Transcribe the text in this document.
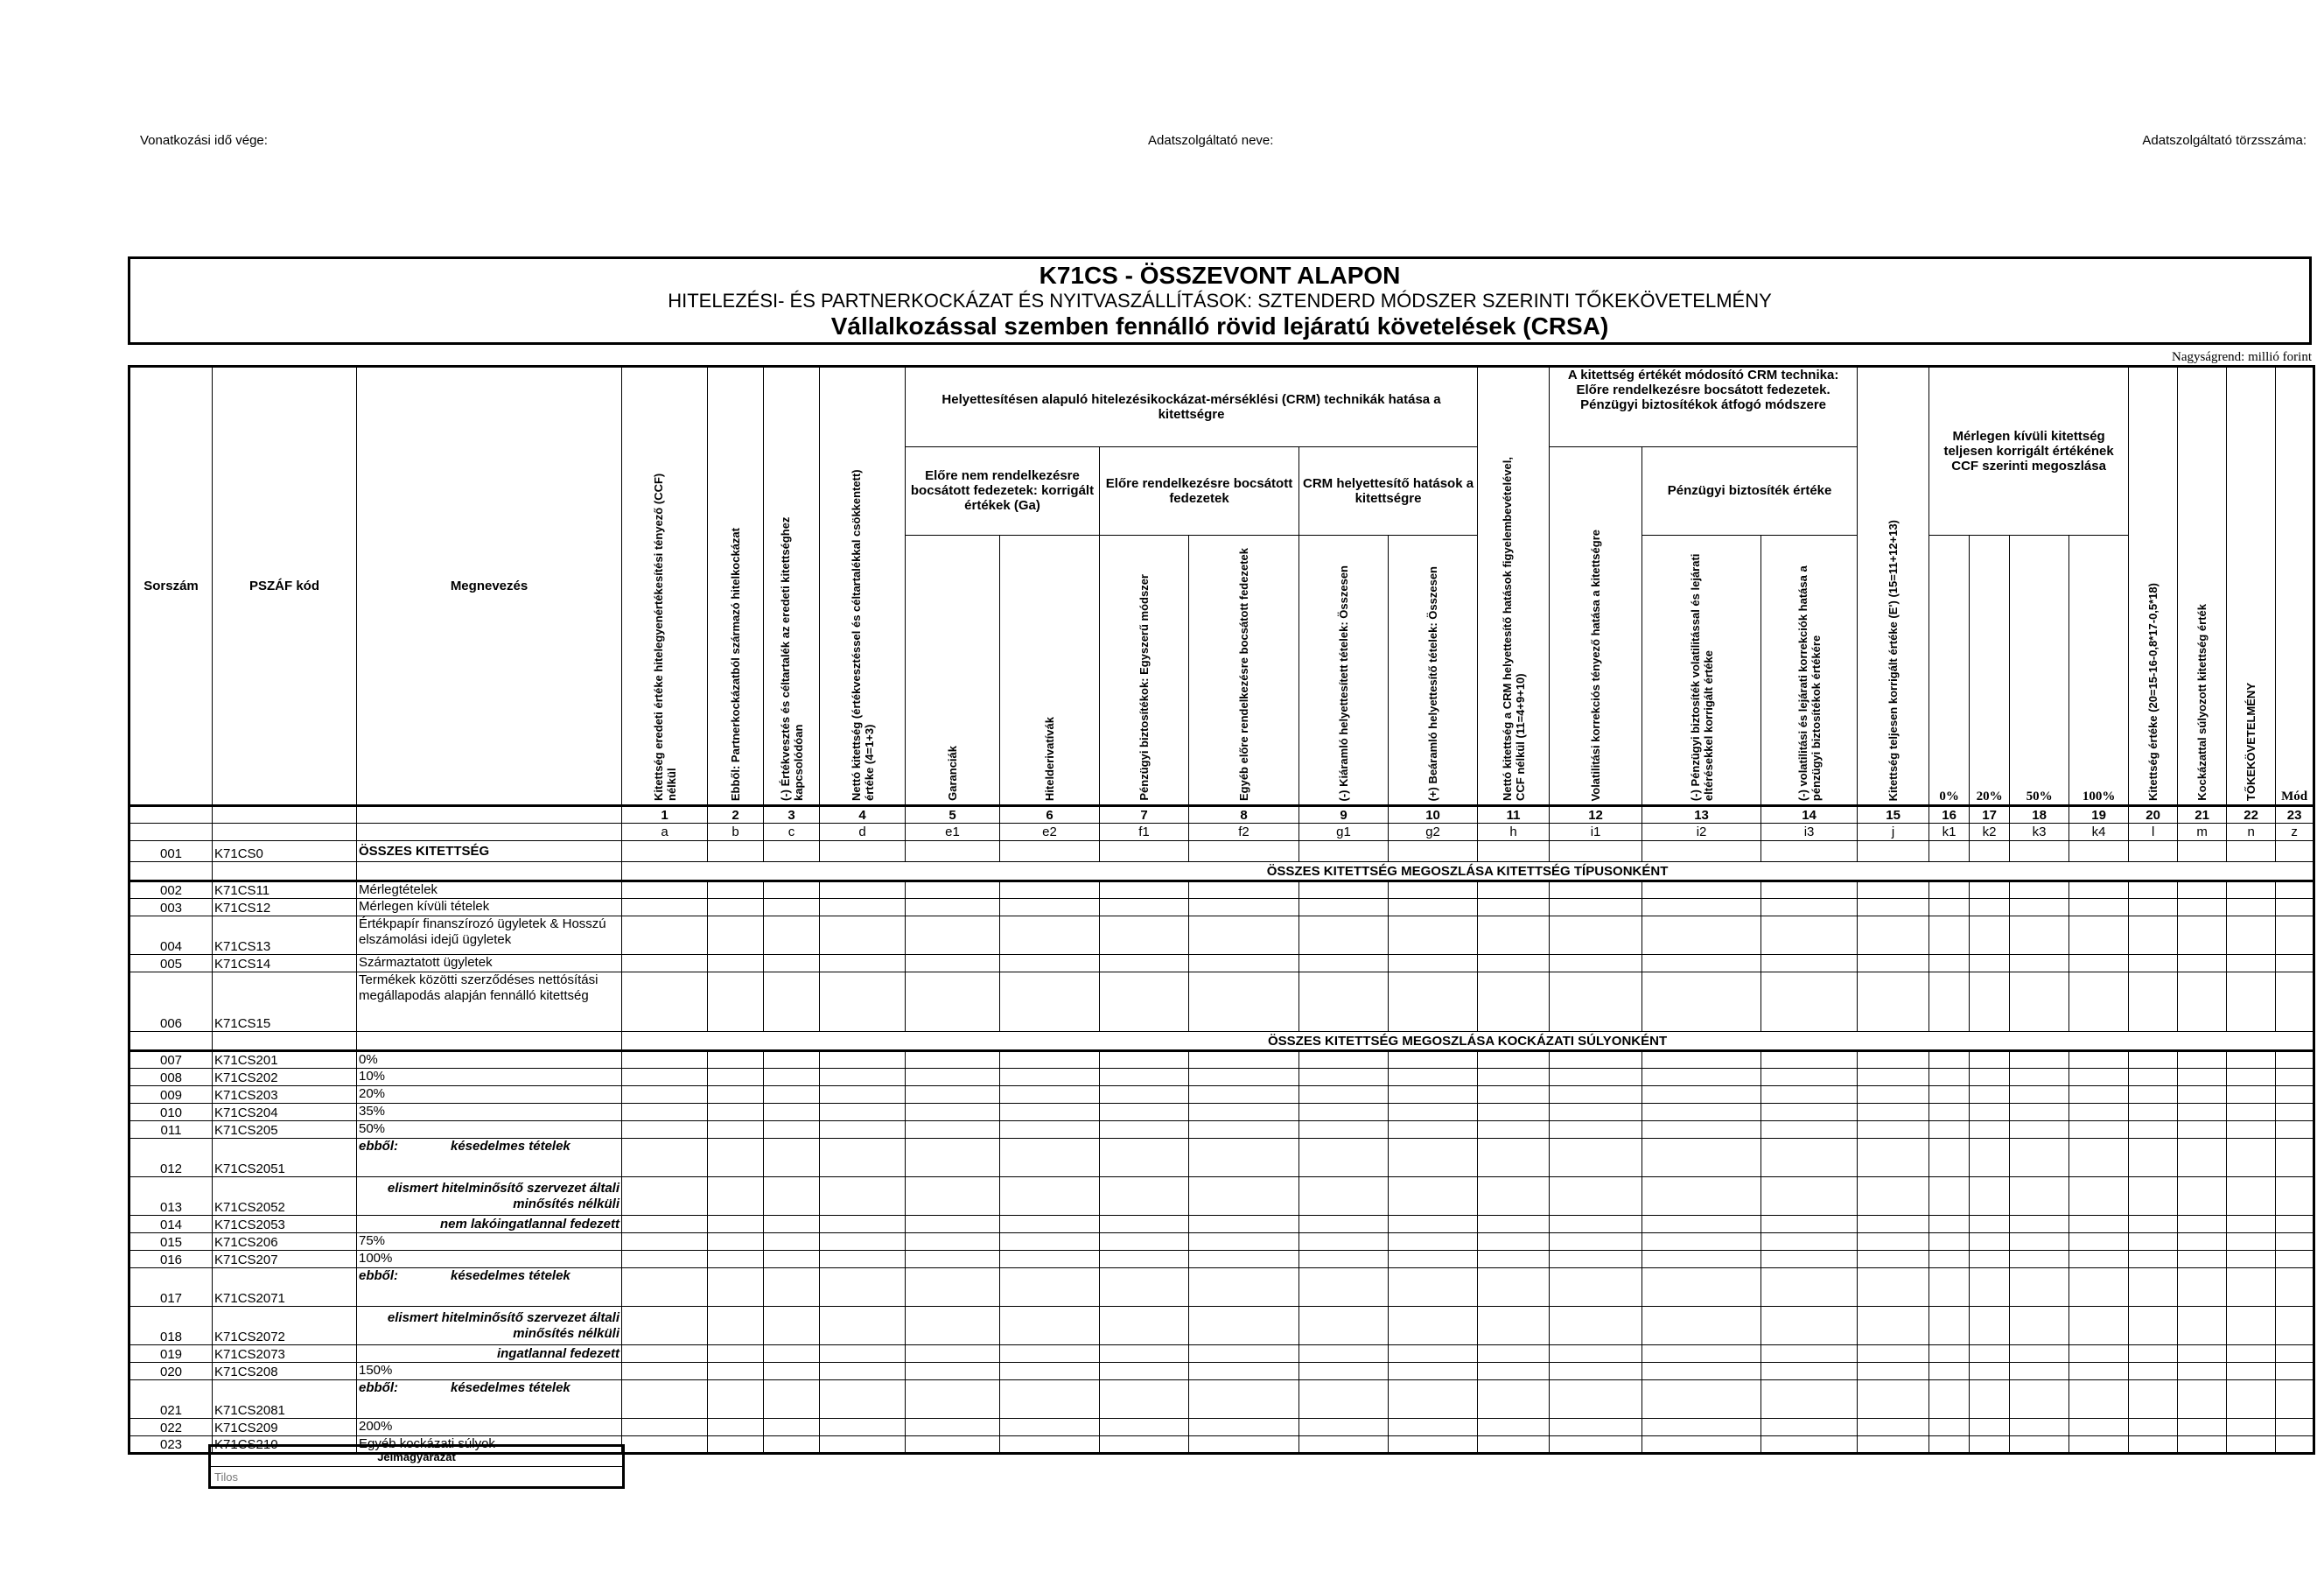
Vonatkozási idő vége:	Adatszolgáltató neve:	Adatszolgáltató törzsszáma:
K71CS - ÖSSZEVONT ALAPON
HITELEZÉSI- ÉS PARTNERKOCKÁZAT ÉS NYITVASZÁLLÍTÁSOK: SZTENDERD MÓDSZER SZERINTI TŐKEKÖVETELMÉNY
Vállalkozással szemben fennálló rövid lejáratú követelések (CRSA)
Nagyságrend: millió forint
Sorszám	PSZÁF kód	Megnevezés	Kitettség eredeti értéke hitelegyenértékesítési tényező (CCF) nélkül	Ebből: Partnerkockázatból származó hitelkockázat	(-) Értékvesztés és céltartalék az eredeti kitettséghez kapcsolódóan	Nettó kitettség (értékvesztéssel és céltartalékkal csökkentett) értéke (4=1+3)	Helyettesítésen alapuló hitelezésikockázat-mérséklési (CRM) technikák hatása a kitettségre						Nettó kitettség a CRM helyettesítő hatások figyelembevételével, CCF nélkül (11=4+9+10)	A kitettség értékét módosító CRM technika: Előre rendelkezésre bocsátott fedezetek. Pénzügyi biztosítékok átfogó módszere			Kitettség teljesen korrigált értéke (E') (15=11+12+13)	Mérlegen kívüli kitettség teljesen korrigált értékének CCF szerinti megoszlása				Kitettség értéke (20=15-16-0,8*17-0,5*18)	Kockázattal súlyozott kitettség érték	TŐKEKÖVETELMÉNY	Mód
							Előre nem rendelkezésre bocsátott fedezetek: korrigált értékek (Ga)		Előre rendelkezésre bocsátott fedezetek		CRM helyettesítő hatások a kitettségre			Volatilitási korrekciós tényező hatása a kitettségre	Pénzügyi biztosíték értéke										

							Garanciák	Hitelderivatívák	Pénzügyi biztosítékok: Egyszerű módszer	Egyéb előre rendelkezésre bocsátott fedezetek	(-) Kiáramló helyettesített tételek: Összesen	(+) Beáramló helyettesítő tételek: Összesen			(-) Pénzügyi biztosíték volatilitással és lejárati eltérésekkel korrigált értéke	(-) volatilitási és lejárati korrekciók hatása a pénzügyi biztosítékok értékére		0%	20%	50%	100%				
			1	2	3	4	5	6	7	8	9	10	11	12	13	14	15	16	17	18	19	20	21	22	23
			a	b	c	d	e1	e2	f1	f2	g1	g2	h	i1	i2	i3	j	k1	k2	k3	k4	l	m	n	z
001	K71CS0	ÖSSZES KITETTSÉG																							
			ÖSSZES KITETTSÉG MEGOSZLÁSA KITETTSÉG TÍPUSONKÉNT																						
002	K71CS11	Mérlegtételek																							
003	K71CS12	Mérlegen kívüli tételek																							
004	K71CS13	Értékpapír finanszírozó ügyletek & Hosszú elszámolási idejű ügyletek																							
005	K71CS14	Származtatott ügyletek																							
006	K71CS15	Termékek közötti szerződéses nettósítási megállapodás alapján fennálló kitettség																							
			ÖSSZES KITETTSÉG MEGOSZLÁSA KOCKÁZATI SÚLYONKÉNT																						
007	K71CS201	0%																							
008	K71CS202	10%																							
009	K71CS203	20%																							
010	K71CS204	35%																							
011	K71CS205	50%																							
012	K71CS2051	ebből: késedelmes tételek																							
013	K71CS2052	elismert hitelminősítő szervezet általi minősítés nélküli																							
014	K71CS2053	nem lakóingatlannal fedezett																							
015	K71CS206	75%																							
016	K71CS207	100%																							
017	K71CS2071	ebből: késedelmes tételek																							
018	K71CS2072	elismert hitelminősítő szervezet általi minősítés nélküli																							
019	K71CS2073	ingatlannal fedezett																							
020	K71CS208	150%																							
021	K71CS2081	ebből: késedelmes tételek																							
022	K71CS209	200%																							
023	K71CS210	Egyéb kockázati súlyok																							
Jelmagyarázat
Tilos
